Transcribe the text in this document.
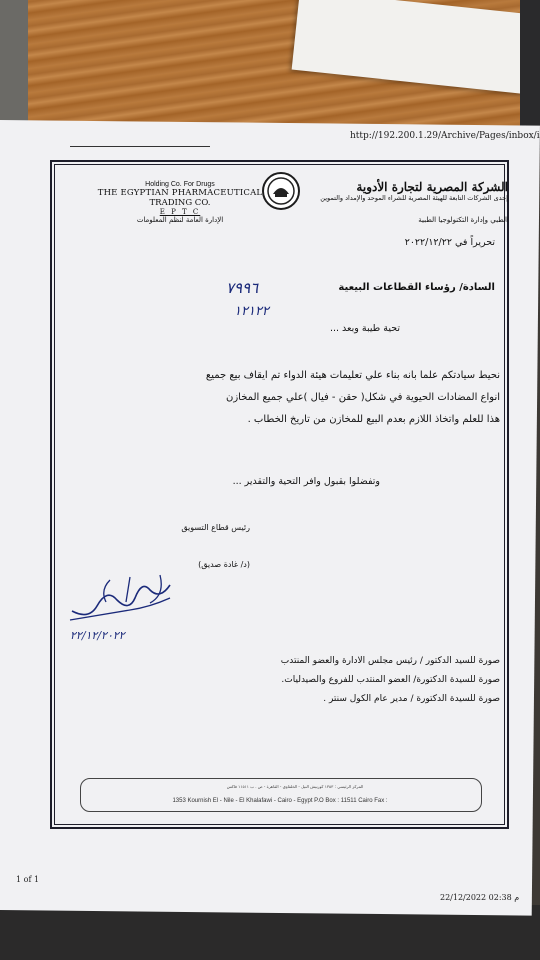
http://192.200.1.29/Archive/Pages/inbox/i
Holding Co. For Drugs
THE EGYPTIAN PHARMACEUTICAL
TRADING CO.
E P T C
الإدارة العامة لنظم المعلومات
الشركة المصرية لتجارة الأدوية
إحدى الشركات التابعة للهيئة المصرية للشراء الموحد والإمداد والتموين
الطبي وإدارة التكنولوجيا الطبية
تحريراً في ٢٠٢٢/١٢/٢٢
السادة/ رؤساء القطاعات البيعية
٧٩٩٦
١٢١٢٢
تحية طيبة وبعد ...
نحيط سيادتكم علما بانه بناء علي تعليمات هيئة الدواء تم ايقاف بيع جميع
انواع المضادات الحيوية في شكل( حقن - فيال )علي جميع المخازن
هذا للعلم واتخاذ اللازم بعدم البيع للمخازن من تاريخ الخطاب .
وتفضلوا بقبول وافر التحية والتقدير ...
رئيس قطاع التسويق
(د/ غادة صديق)
٢٢/١٢/٢٠٢٢
صورة للسيد الدكتور / رئيس مجلس الادارة والعضو المنتدب
صورة للسيدة الدكتورة/ العضو المنتدب للفروع والصيدليات.
صورة للسيدة الدكتورة / مدير عام الكول سنتر .
المركز الرئيسي : ١٣٥٣ كورنيش النيل - الخلفاوي - القاهرة - ص . ب ١١٥١١ فاكس
1353 Kournish El - Nile - El Khalafawi - Cairo - Egypt P.O Box : 11511 Cairo Fax :
1 of 1
22/12/2022 02:38 م
